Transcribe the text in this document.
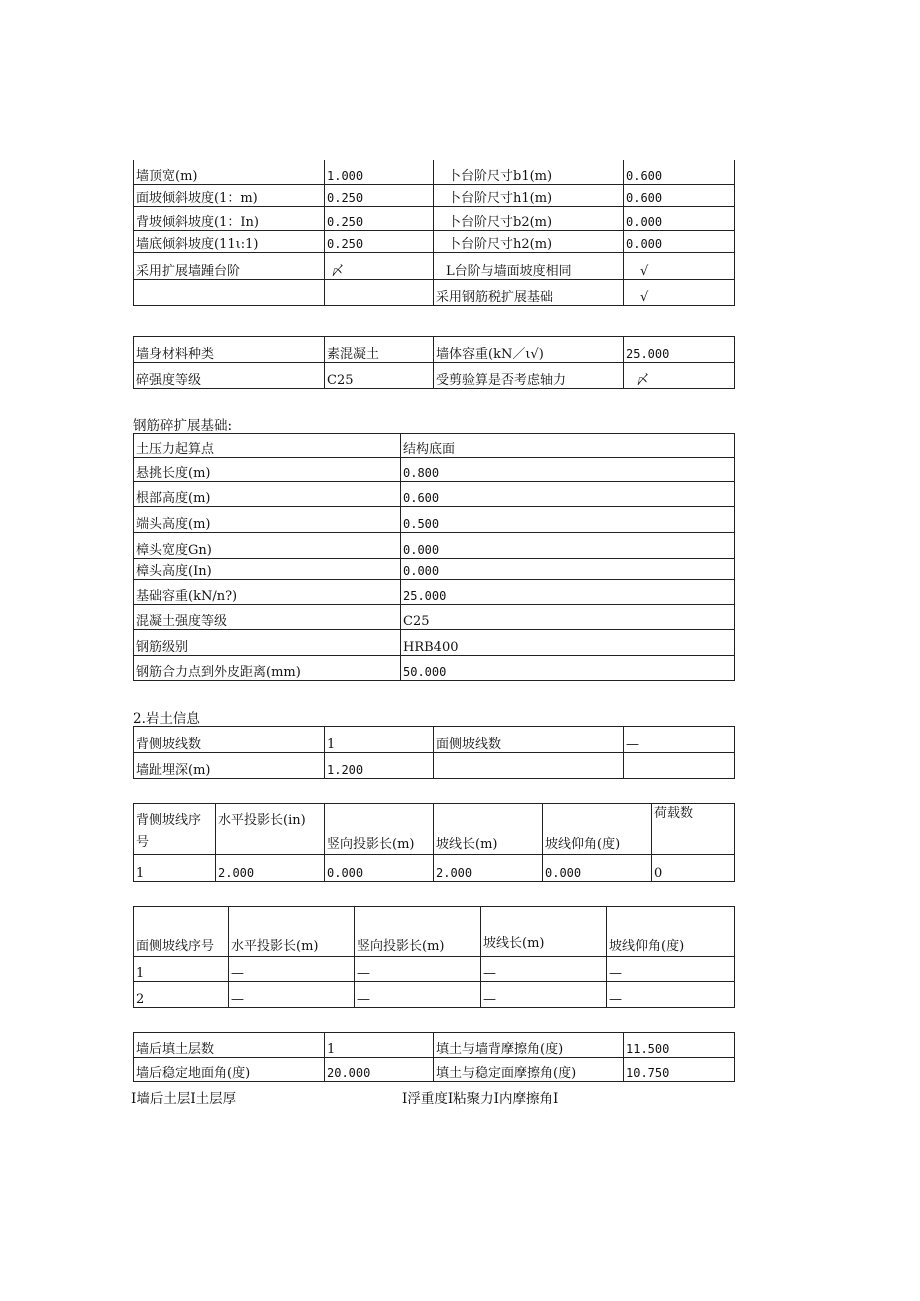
墙顶宽(m)	1.000	卜台阶尺寸b1(m)	0.600
面坡倾斜坡度(1：m)	0.250	卜台阶尺寸h1(m)	0.600
背坡倾斜坡度(1：In)	0.250	卜台阶尺寸b2(m)	0.000
墙底倾斜坡度(11ι:1)	0.250	卜台阶尺寸h2(m)	0.000
采用扩展墙踵台阶	〆	L台阶与墙面坡度相同	√
		采用钢筋税扩展基础	√
墙身材料种类	素混凝土	墙体容重(kN／ι√)	25.000
碎强度等级	C25	受剪验算是否考虑轴力	〆
钢筋碎扩展基础:
土压力起算点	结构底面
悬挑长度(m)	0.800
根部高度(m)	0.600
端头高度(m)	0.500
樟头宽度Gn)	0.000
樟头高度(In)	0.000
基础容重(kN/n?)	25.000
混凝土强度等级	C25
钢筋级别	HRB400
钢筋合力点到外皮距离(mm)	50.000
2.岩土信息
背侧坡线数	1	面侧坡线数	—
墙趾埋深(m)	1.200		
背侧坡线序号	水平投影长(in)	竖向投影长(m)	坡线长(m)	坡线仰角(度)	荷载数
1	2.000	0.000	2.000	0.000	0
面侧坡线序号	水平投影长(m)	竖向投影长(m)	坡线长(m)	坡线仰角(度)
1	—	—	—	—
2	—	—	—	—
墙后填土层数	1	填土与墙背摩擦角(度)	11.500
墙后稳定地面角(度)	20.000	填土与稳定面摩擦角(度)	10.750
I墙后土层I土层厚	I浮重度I粘聚力I内摩擦角I
